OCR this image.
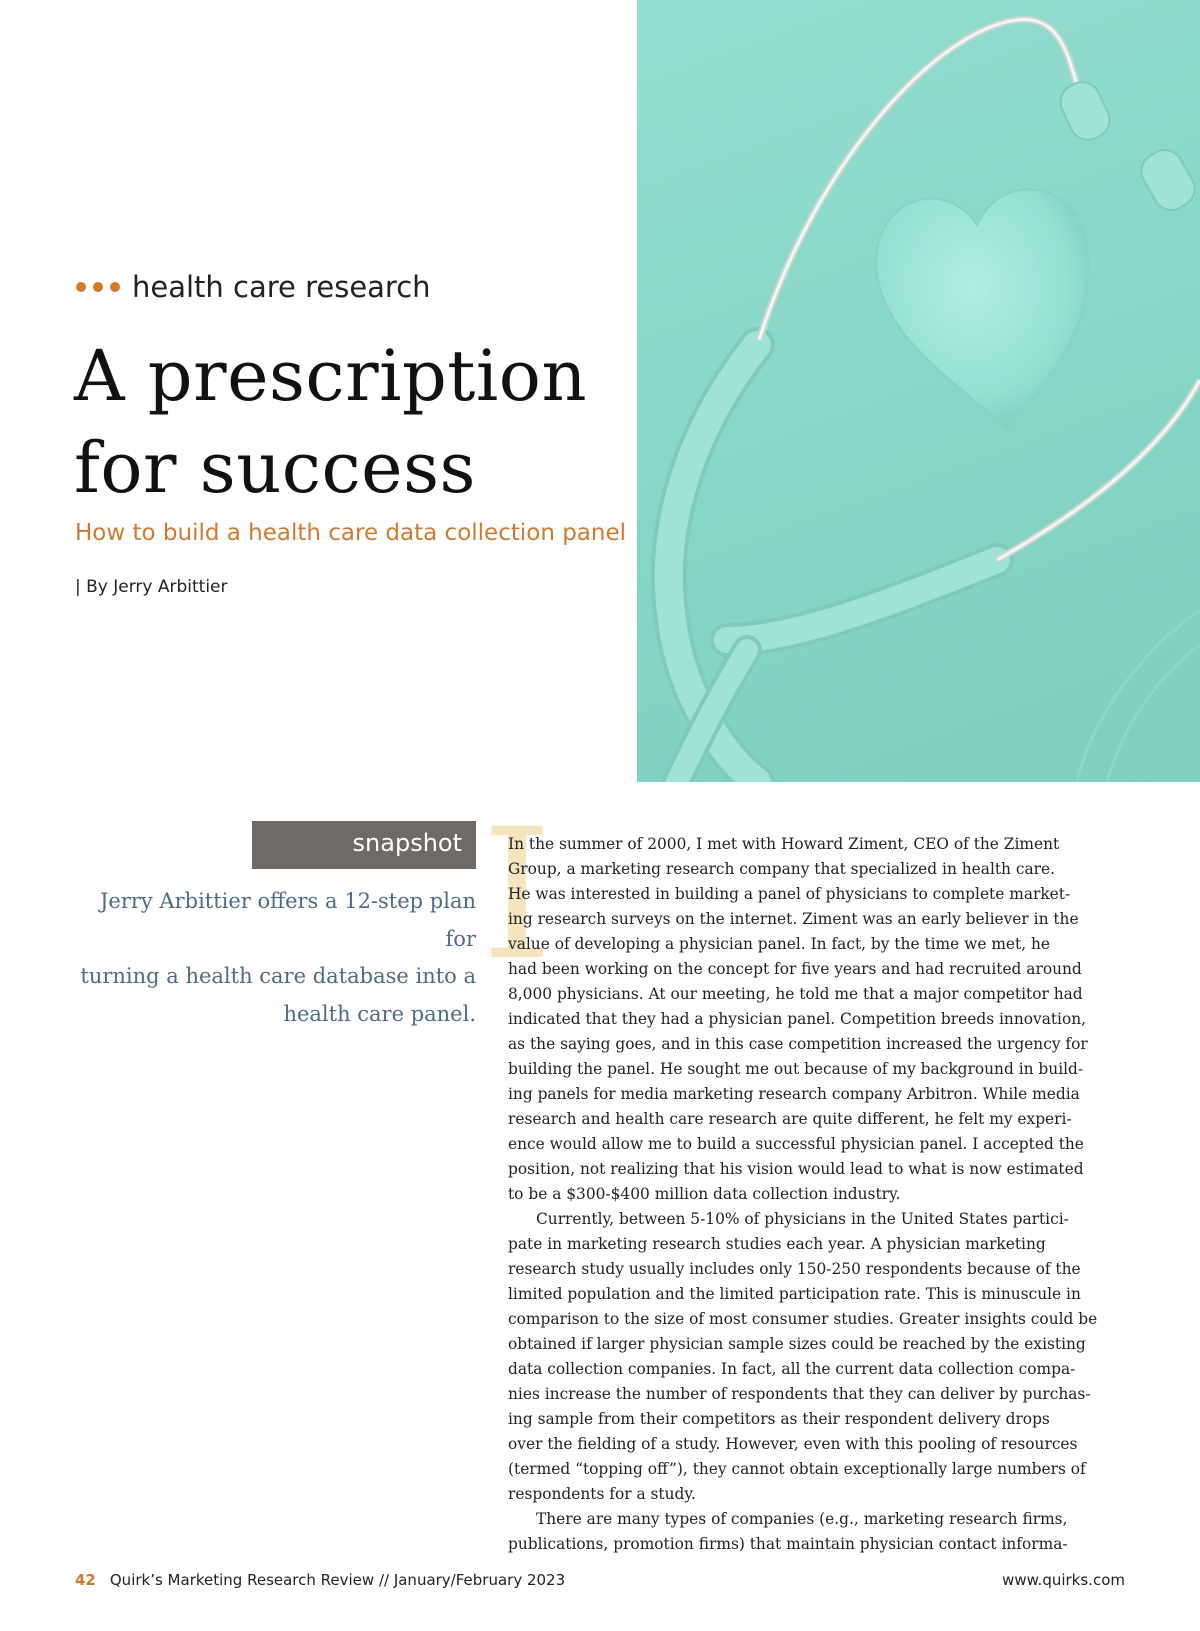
health care research
A prescription
for success
How to build a health care data collection panel
| By Jerry Arbittier
snapshot
Jerry Arbittier offers a 12-step plan for
turning a health care database into a
health care panel.
I
In the summer of 2000, I met with Howard Ziment, CEO of the Ziment
Group, a marketing research company that specialized in health care.
He was interested in building a panel of physicians to complete market-
ing research surveys on the internet. Ziment was an early believer in the
value of developing a physician panel. In fact, by the time we met, he
had been working on the concept for five years and had recruited around
8,000 physicians. At our meeting, he told me that a major competitor had
indicated that they had a physician panel. Competition breeds innovation,
as the saying goes, and in this case competition increased the urgency for
building the panel. He sought me out because of my background in build-
ing panels for media marketing research company Arbitron. While media
research and health care research are quite different, he felt my experi-
ence would allow me to build a successful physician panel. I accepted the
position, not realizing that his vision would lead to what is now estimated
to be a $300-$400 million data collection industry.
Currently, between 5-10% of physicians in the United States partici-
pate in marketing research studies each year. A physician marketing
research study usually includes only 150-250 respondents because of the
limited population and the limited participation rate. This is minuscule in
comparison to the size of most consumer studies. Greater insights could be
obtained if larger physician sample sizes could be reached by the existing
data collection companies. In fact, all the current data collection compa-
nies increase the number of respondents that they can deliver by purchas-
ing sample from their competitors as their respondent delivery drops
over the fielding of a study. However, even with this pooling of resources
(termed “topping off”), they cannot obtain exceptionally large numbers of
respondents for a study.
There are many types of companies (e.g., marketing research firms,
publications, promotion firms) that maintain physician contact informa-
42 Quirk’s Marketing Research Review // January/February 2023	www.quirks.com
